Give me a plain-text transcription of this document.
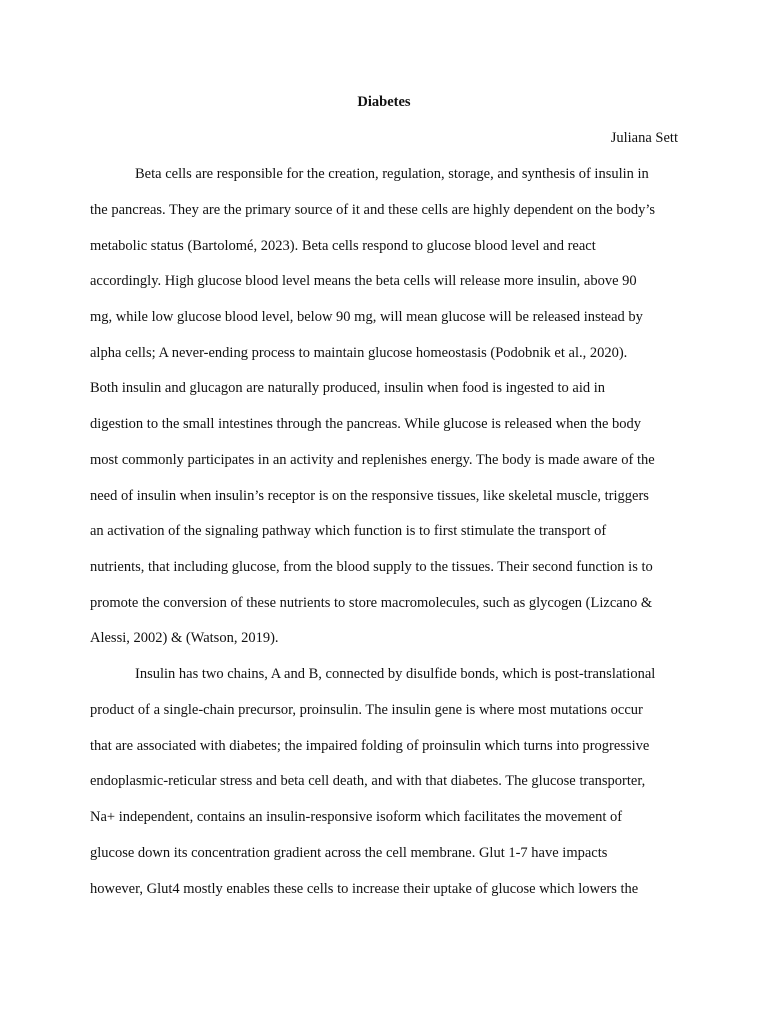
Diabetes

Juliana Sett

Beta cells are responsible for the creation, regulation, storage, and synthesis of insulin in

the pancreas. They are the primary source of it and these cells are highly dependent on the body’s

metabolic status (Bartolomé, 2023). Beta cells respond to glucose blood level and react

accordingly. High glucose blood level means the beta cells will release more insulin, above 90

mg, while low glucose blood level, below 90 mg, will mean glucose will be released instead by

alpha cells; A never-ending process to maintain glucose homeostasis (Podobnik et al., 2020).

Both insulin and glucagon are naturally produced, insulin when food is ingested to aid in

digestion to the small intestines through the pancreas. While glucose is released when the body

most commonly participates in an activity and replenishes energy. The body is made aware of the

need of insulin when insulin’s receptor is on the responsive tissues, like skeletal muscle, triggers

an activation of the signaling pathway which function is to first stimulate the transport of

nutrients, that including glucose, from the blood supply to the tissues. Their second function is to

promote the conversion of these nutrients to store macromolecules, such as glycogen (Lizcano &

Alessi, 2002) & (Watson, 2019).

Insulin has two chains, A and B, connected by disulfide bonds, which is post-translational

product of a single-chain precursor, proinsulin. The insulin gene is where most mutations occur

that are associated with diabetes; the impaired folding of proinsulin which turns into progressive

endoplasmic-reticular stress and beta cell death, and with that diabetes. The glucose transporter,

Na+ independent, contains an insulin-responsive isoform which facilitates the movement of

glucose down its concentration gradient across the cell membrane. Glut 1-7 have impacts

however, Glut4 mostly enables these cells to increase their uptake of glucose which lowers the
